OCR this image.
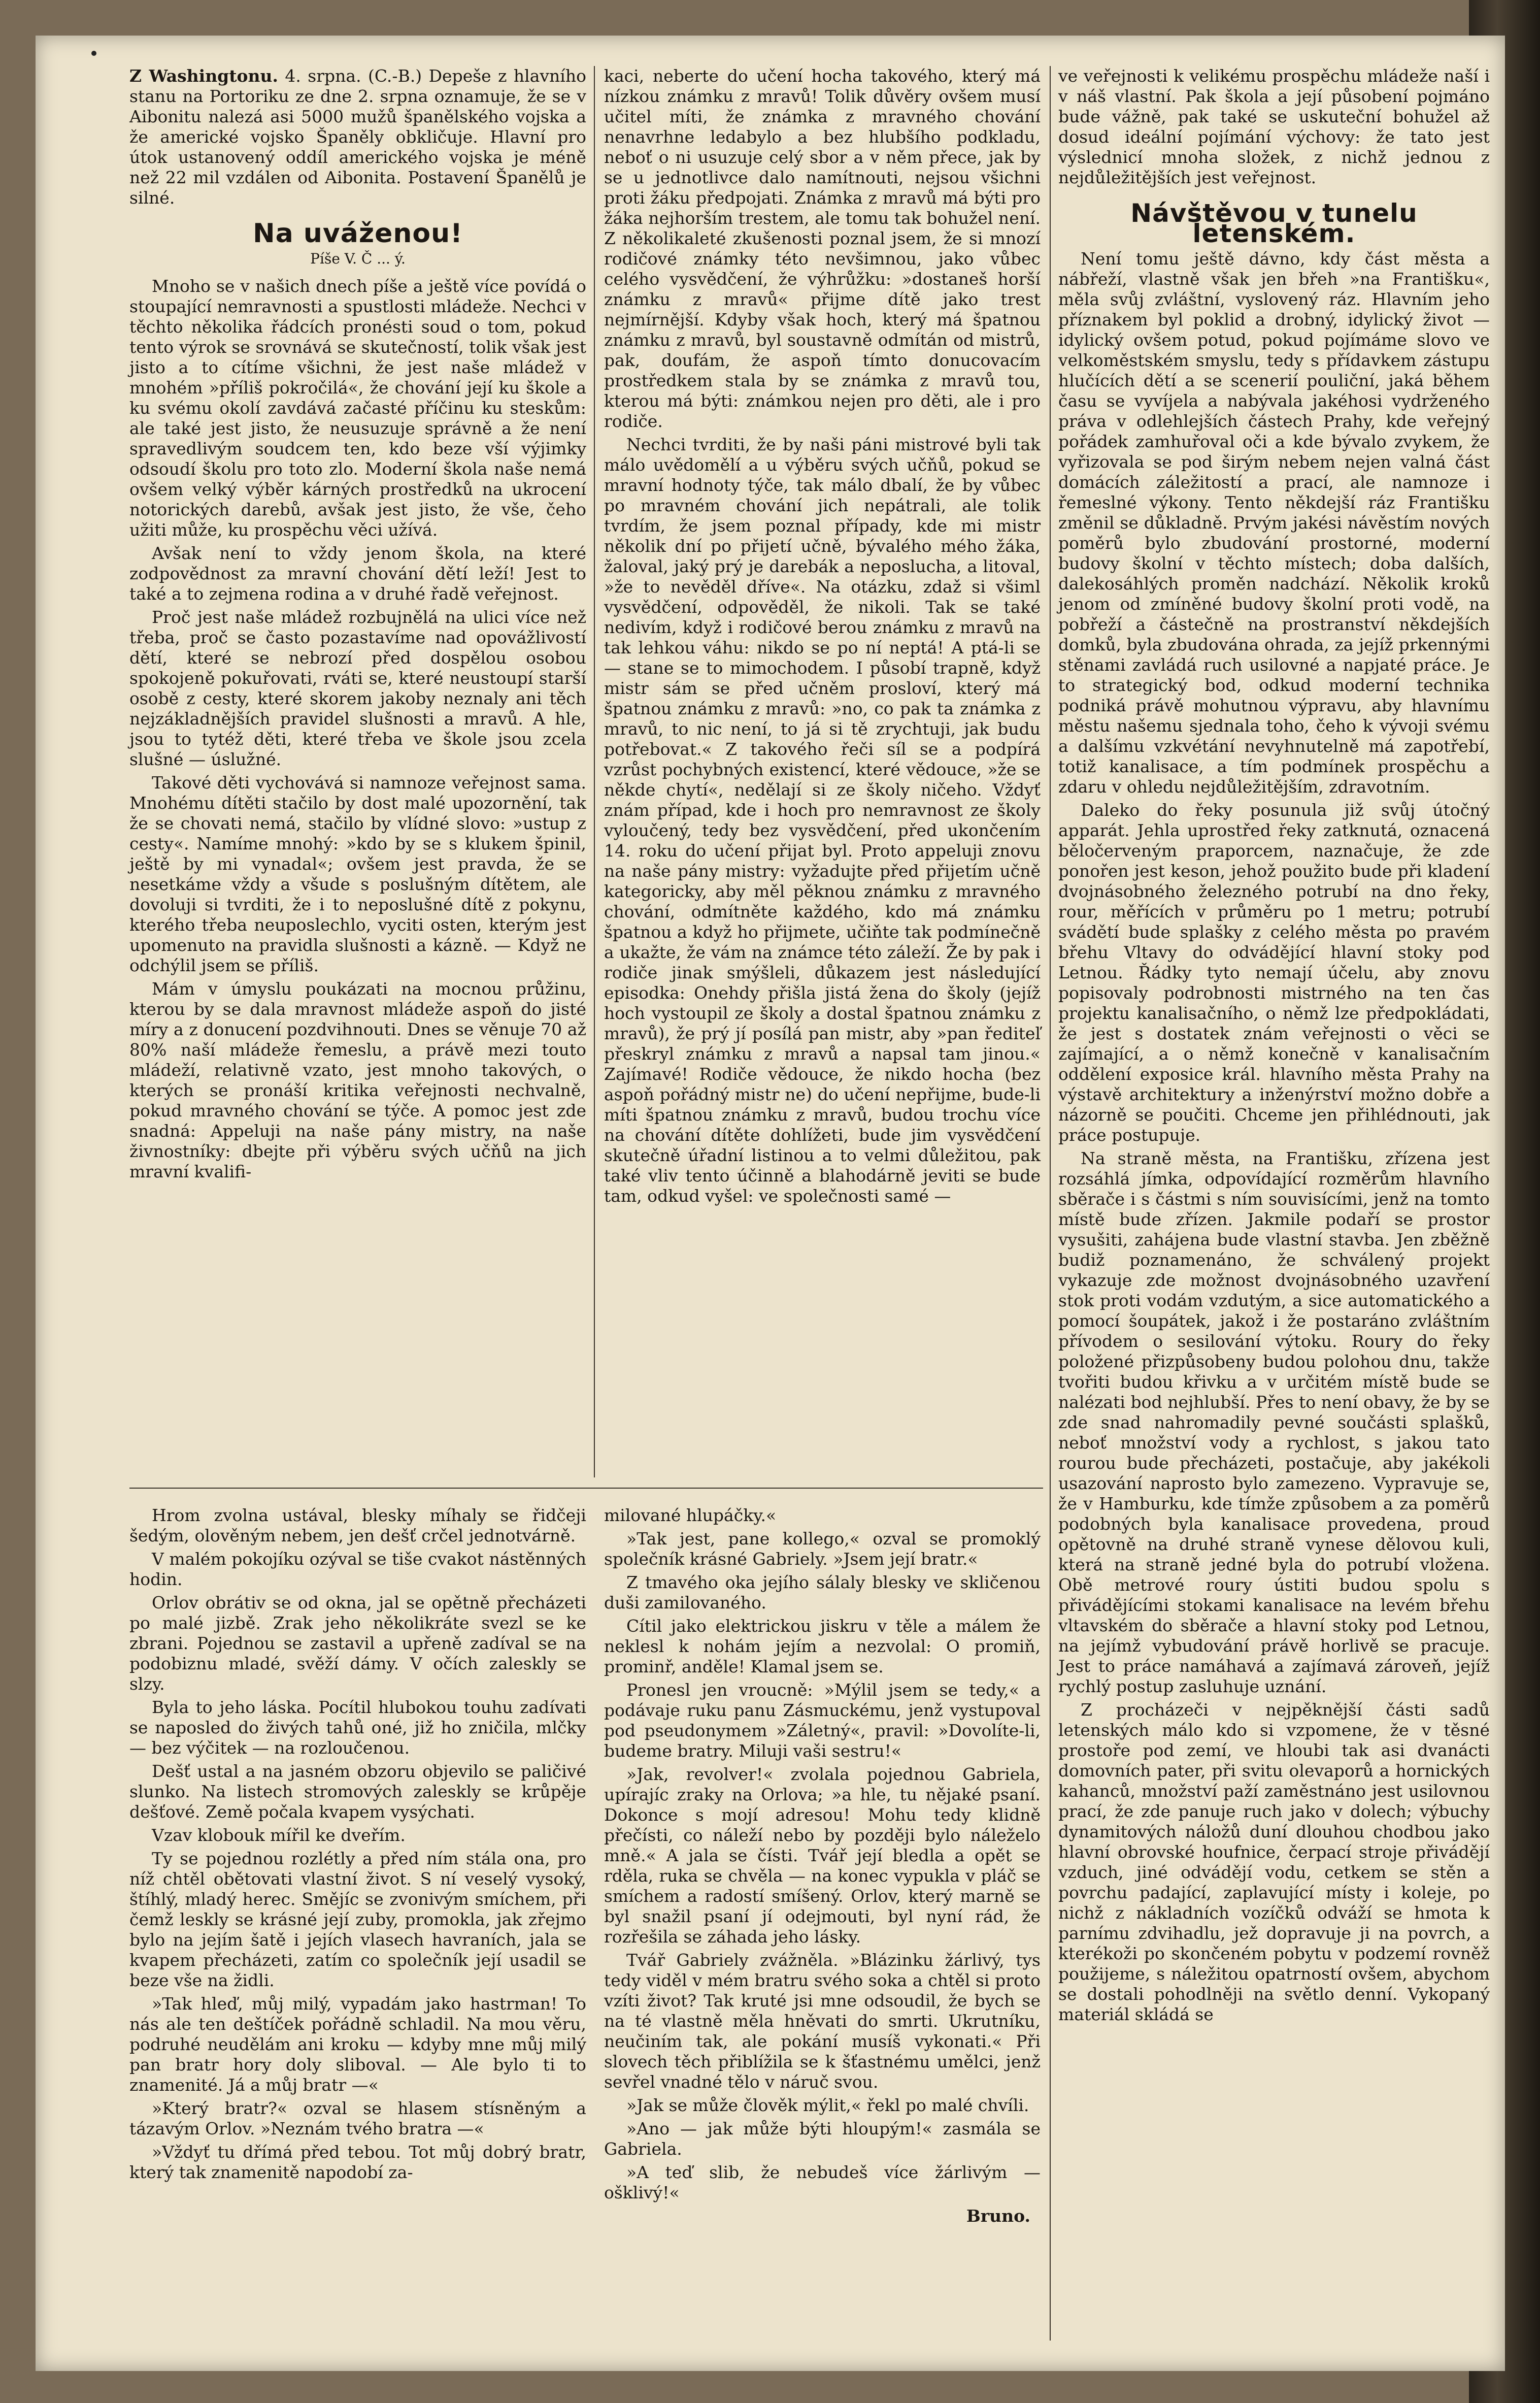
Z Washingtonu. 4. srpna. (C.-B.) Depeše z hlavního stanu na Portoriku ze dne 2. srpna oznamuje, že se v Aibonitu nalezá asi 5000 mužů španělského vojska a že americké vojsko Španěly obkličuje. Hlavní pro útok ustanovený oddíl amerického vojska je méně než 22 mil vzdálen od Aibonita. Postavení Španělů je silné.

Na uváženou!
Píše V. Č ... ý.

Mnoho se v našich dnech píše a ještě více povídá o stoupající nemravnosti a spustlosti mládeže. Nechci v těchto několika řádcích pronésti soud o tom, pokud tento výrok se srovnává se skutečností, tolik však jest jisto a to cítíme všichni, že jest naše mládež v mnohém »příliš pokročilá«, že chování její ku škole a ku svému okolí zavdává začasté příčinu ku steskům: ale také jest jisto, že neusuzuje správně a že není spravedlivým soudcem ten, kdo beze vší výjimky odsoudí školu pro toto zlo. Moderní škola naše nemá ovšem velký výběr kárných prostředků na ukrocení notorických darebů, avšak jest jisto, že vše, čeho užiti může, ku prospěchu věci užívá.

Avšak není to vždy jenom škola, na které zodpovědnost za mravní chování dětí leží! Jest to také a to zejmena rodina a v druhé řadě veřejnost.

Proč jest naše mládež rozbujnělá na ulici více než třeba, proč se často pozastavíme nad opovážlivostí dětí, které se nebrozí před dospělou osobou spokojeně pokuřovati, rváti se, které neustoupí starší osobě z cesty, které skorem jakoby neznaly ani těch nejzákladnějších pravidel slušnosti a mravů. A hle, jsou to tytéž děti, které třeba ve škole jsou zcela slušné — úslužné.

Takové děti vychovává si namnoze veřejnost sama. Mnohému dítěti stačilo by dost malé upozornění, tak že se chovati nemá, stačilo by vlídné slovo: »ustup z cesty«. Namíme mnohý: »kdo by se s klukem špinil, ještě by mi vynadal«; ovšem jest pravda, že se nesetkáme vždy a všude s poslušným dítětem, ale dovoluji si tvrditi, že i to neposlušné dítě z pokynu, kterého třeba neuposlechlo, vyciti osten, kterým jest upomenuto na pravidla slušnosti a kázně. — Když ne odchýlil jsem se příliš.

Mám v úmyslu poukázati na mocnou průžinu, kterou by se dala mravnost mládeže aspoň do jisté míry a z donucení pozdvihnouti. Dnes se věnuje 70 až 80% naší mládeže řemeslu, a právě mezi touto mládeží, relativně vzato, jest mnoho takových, o kterých se pronáší kritika veřejnosti nechvalně, pokud mravného chování se týče. A pomoc jest zde snadná: Appeluji na naše pány mistry, na naše živnostníky: dbejte při výběru svých učňů na jich mravní kvalifi-

kaci, neberte do učení hocha takového, který má nízkou známku z mravů! Tolik důvěry ovšem musí učitel míti, že známka z mravného chování nenavrhne ledabylo a bez hlubšího podkladu, neboť o ni usuzuje celý sbor a v něm přece, jak by se u jednotlivce dalo namítnouti, nejsou všichni proti žáku předpojati. Známka z mravů má býti pro žáka nejhorším trestem, ale tomu tak bohužel není. Z několikaleté zkušenosti poznal jsem, že si mnozí rodičové známky této nevšimnou, jako vůbec celého vysvědčení, že výhrůžku: »dostaneš horší známku z mravů« přijme dítě jako trest nejmírnější. Kdyby však hoch, který má špatnou známku z mravů, byl soustavně odmítán od mistrů, pak, doufám, že aspoň tímto donucovacím prostředkem stala by se známka z mravů tou, kterou má býti: známkou nejen pro děti, ale i pro rodiče.

Nechci tvrditi, že by naši páni mistrové byli tak málo uvědomělí a u výběru svých učňů, pokud se mravní hodnoty týče, tak málo dbalí, že by vůbec po mravném chování jich nepátrali, ale tolik tvrdím, že jsem poznal případy, kde mi mistr několik dní po přijetí učně, bývalého mého žáka, žaloval, jaký prý je darebák a neposlucha, a litoval, »že to nevěděl dříve«. Na otázku, zdaž si všiml vysvědčení, odpověděl, že nikoli. Tak se také nedivím, když i rodičové berou známku z mravů na tak lehkou váhu: nikdo se po ní neptá! A ptá-li se — stane se to mimochodem. I působí trapně, když mistr sám se před učněm prosloví, který má špatnou známku z mravů: »no, co pak ta známka z mravů, to nic není, to já si tě zrychtuji, jak budu potřebovat.« Z takového řeči síl se a podpírá vzrůst pochybných existencí, které vědouce, »že se někde chytí«, nedělají si ze školy ničeho. Vždyť znám případ, kde i hoch pro nemravnost ze školy vyloučený, tedy bez vysvědčení, před ukončením 14. roku do učení přijat byl. Proto appeluji znovu na naše pány mistry: vyžadujte před přijetím učně kategoricky, aby měl pěknou známku z mravného chování, odmítněte každého, kdo má známku špatnou a když ho přijmete, učiňte tak podmínečně a ukažte, že vám na známce této záleží. Že by pak i rodiče jinak smýšleli, důkazem jest následující episodka: Onehdy přišla jistá žena do školy (jejíž hoch vystoupil ze školy a dostal špatnou známku z mravů), že prý jí posílá pan mistr, aby »pan řediteľ přeskryl známku z mravů a napsal tam jinou.« Zajímavé! Rodiče vědouce, že nikdo hocha (bez aspoň pořádný mistr ne) do učení nepřijme, bude-li míti špatnou známku z mravů, budou trochu více na chování dítěte dohlížeti, bude jim vysvědčení skutečně úřadní listinou a to velmi důležitou, pak také vliv tento účinně a blahodárně jeviti se bude tam, odkud vyšel: ve společnosti samé —

ve veřejnosti k velikému prospěchu mládeže naší i v náš vlastní. Pak škola a její působení pojmáno bude vážně, pak také se uskuteční bohužel až dosud ideální pojímání výchovy: že tato jest výslednicí mnoha složek, z nichž jednou z nejdůležitějších jest veřejnost.

Návštěvou v tunelu letenském.

Není tomu ještě dávno, kdy část města a nábřeží, vlastně však jen břeh »na Františku«, měla svůj zvláštní, vyslovený ráz. Hlavním jeho příznakem byl poklid a drobný, idylický život — idylický ovšem potud, pokud pojímáme slovo ve velkoměstském smyslu, tedy s přídavkem zástupu hlučících dětí a se scenerií pouliční, jaká během času se vyvíjela a nabývala jakéhosi vydrženého práva v odlehlejších částech Prahy, kde veřejný pořádek zamhuřoval oči a kde bývalo zvykem, že vyřizovala se pod širým nebem nejen valná část domácích záležitostí a prací, ale namnoze i řemeslné výkony. Tento někdejší ráz Františku změnil se důkladně. Prvým jakési návěstím nových poměrů bylo zbudování prostorné, moderní budovy školní v těchto místech; doba dalších, dalekosáhlých proměn nadchází. Několik kroků jenom od zmíněné budovy školní proti vodě, na pobřeží a částečně na prostranství někdejších domků, byla zbudována ohrada, za jejíž prkennými stěnami zavládá ruch usilovné a napjaté práce. Je to strategický bod, odkud moderní technika podniká právě mohutnou výpravu, aby hlavnímu městu našemu sjednala toho, čeho k vývoji svému a dalšímu vzkvétání nevyhnutelně má zapotřebí, totiž kanalisace, a tím podmínek prospěchu a zdaru v ohledu nejdůležitějším, zdravotním.

Daleko do řeky posunula již svůj útočný apparát. Jehla uprostřed řeky zatknutá, oznacená běločerveným praporcem, naznačuje, že zde ponořen jest keson, jehož použito bude při kladení dvojnásobného železného potrubí na dno řeky, rour, měřících v průměru po 1 metru; potrubí svádětí bude splašky z celého města po pravém břehu Vltavy do odvádějící hlavní stoky pod Letnou. Řádky tyto nemají účelu, aby znovu popisovaly podrobnosti mistrného na ten čas projektu kanalisačního, o němž lze předpokládati, že jest s dostatek znám veřejnosti o věci se zajímající, a o němž konečně v kanalisačním oddělení exposice král. hlavního města Prahy na výstavě architektury a inženýrství možno dobře a názorně se poučiti. Chceme jen přihlédnouti, jak práce postupuje.

Na straně města, na Františku, zřízena jest rozsáhlá jímka, odpovídající rozměrům hlavního sběrače i s částmi s ním souvisícími, jenž na tomto místě bude zřízen. Jakmile podaří se prostor vysušiti, zahájena bude vlastní stavba. Jen zběžně budiž poznamenáno, že schválený projekt vykazuje zde možnost dvojnásobného uzavření stok proti vodám vzdutým, a sice automatického a pomocí šoupátek, jakož i že postaráno zvláštním přívodem o sesilování výtoku. Roury do řeky položené přizpůsobeny budou polohou dnu, takže tvořiti budou křivku a v určitém místě bude se nalézati bod nejhlubší. Přes to není obavy, že by se zde snad nahromadily pevné součásti splašků, neboť množství vody a rychlost, s jakou tato rourou bude přecházeti, postačuje, aby jakékoli usazování naprosto bylo zamezeno. Vypravuje se, že v Hamburku, kde tímže způsobem a za poměrů podobných byla kanalisace provedena, proud opětovně na druhé straně vynese dělovou kuli, která na straně jedné byla do potrubí vložena. Obě metrové roury ústiti budou spolu s přivádějícími stokami kanalisace na levém břehu vltavském do sběrače a hlavní stoky pod Letnou, na jejímž vybudování právě horlivě se pracuje. Jest to práce namáhavá a zajímavá zároveň, jejíž rychlý postup zasluhuje uznání.

Z procházeči v nejpěknější části sadů letenských málo kdo si vzpomene, že v těsné prostoře pod zemí, ve hloubi tak asi dvanácti domovních pater, při svitu olevaporů a hornických kahanců, množství paží zaměstnáno jest usilovnou prací, že zde panuje ruch jako v dolech; výbuchy dynamitových náložů duní dlouhou chodbou jako hlavní obrovské houfnice, čerpací stroje přivádějí vzduch, jiné odvádějí vodu, cetkem se stěn a povrchu padající, zaplavující místy i koleje, po nichž z nákladních vozíčků odváží se hmota k parnímu zdvihadlu, jež dopravuje ji na povrch, a kterékoži po skončeném pobytu v podzemí rovněž použijeme, s náležitou opatrností ovšem, abychom se dostali pohodlněji na světlo denní. Vykopaný materiál skládá se

Hrom zvolna ustával, blesky míhaly se řidčeji šedým, olověným nebem, jen dešť crčel jednotvárně.

V malém pokojíku ozýval se tiše cvakot nástěnných hodin.

Orlov obrátiv se od okna, jal se opětně přecházeti po malé jizbě. Zrak jeho několikráte svezl se ke zbrani. Pojednou se zastavil a upřeně zadíval se na podobiznu mladé, svěží dámy. V očích zaleskly se slzy.

Byla to jeho láska. Pocítil hlubokou touhu zadívati se naposled do živých tahů oné, již ho zničila, mlčky — bez výčitek — na rozloučenou.

Dešť ustal a na jasném obzoru objevilo se paličivé slunko. Na listech stromových zaleskly se krůpěje dešťové. Země počala kvapem vysýchati.

Vzav klobouk mířil ke dveřím.

Ty se pojednou rozlétly a před ním stála ona, pro níž chtěl obětovati vlastní život. S ní veselý vysoký, štíhlý, mladý herec. Smějíc se zvonivým smíchem, při čemž leskly se krásné její zuby, promokla, jak zřejmo bylo na jejím šatě i jejích vlasech havraních, jala se kvapem přecházeti, zatím co společník její usadil se beze vše na židli.

»Tak hleď, můj milý, vypadám jako hastrman! To nás ale ten deštíček pořádně schladil. Na mou věru, podruhé neudělám ani kroku — kdyby mne můj milý pan bratr hory doly sliboval. — Ale bylo ti to znamenité. Já a můj bratr —«

»Který bratr?« ozval se hlasem stísněným a tázavým Orlov. »Neznám tvého bratra —«

»Vždyť tu dřímá před tebou. Tot můj dobrý bratr, který tak znamenitě napodobí za-

milované hlupáčky.«

»Tak jest, pane kollego,« ozval se promoklý společník krásné Gabriely. »Jsem její bratr.«

Z tmavého oka jejího sálaly blesky ve skličenou duši zamilovaného.

Cítil jako elektrickou jiskru v těle a málem že neklesl k nohám jejím a nezvolal: O promiň, prominř, anděle! Klamal jsem se.

Pronesl jen vroucně: »Mýlil jsem se tedy,« a podávaje ruku panu Zásmuckému, jenž vystupoval pod pseudonymem »Záletný«, pravil: »Dovolíte-li, budeme bratry. Miluji vaši sestru!«

»Jak, revolver!« zvolala pojednou Gabriela, upírajíc zraky na Orlova; »a hle, tu nějaké psaní. Dokonce s mojí adresou! Mohu tedy klidně přečísti, co náleží nebo by později bylo náleželo mně.« A jala se čísti. Tvář její bledla a opět se rděla, ruka se chvěla — na konec vypukla v pláč se smíchem a radostí smíšený. Orlov, který marně se byl snažil psaní jí odejmouti, byl nyní rád, že rozřešila se záhada jeho lásky.

Tvář Gabriely zvážněla. »Blázinku žárlivý, tys tedy viděl v mém bratru svého soka a chtěl si proto vzíti život? Tak kruté jsi mne odsoudil, že bych se na té vlastně měla hněvati do smrti. Ukrutníku, neučiním tak, ale pokání musíš vykonati.« Při slovech těch přiblížila se k šťastnému umělci, jenž sevřel vnadné tělo v náruč svou.

»Jak se může člověk mýlit,« řekl po malé chvíli.

»Ano — jak může býti hloupým!« zasmála se Gabriela.

»A teď slib, že nebudeš více žárlivým — ošklivý!«

Bruno.
